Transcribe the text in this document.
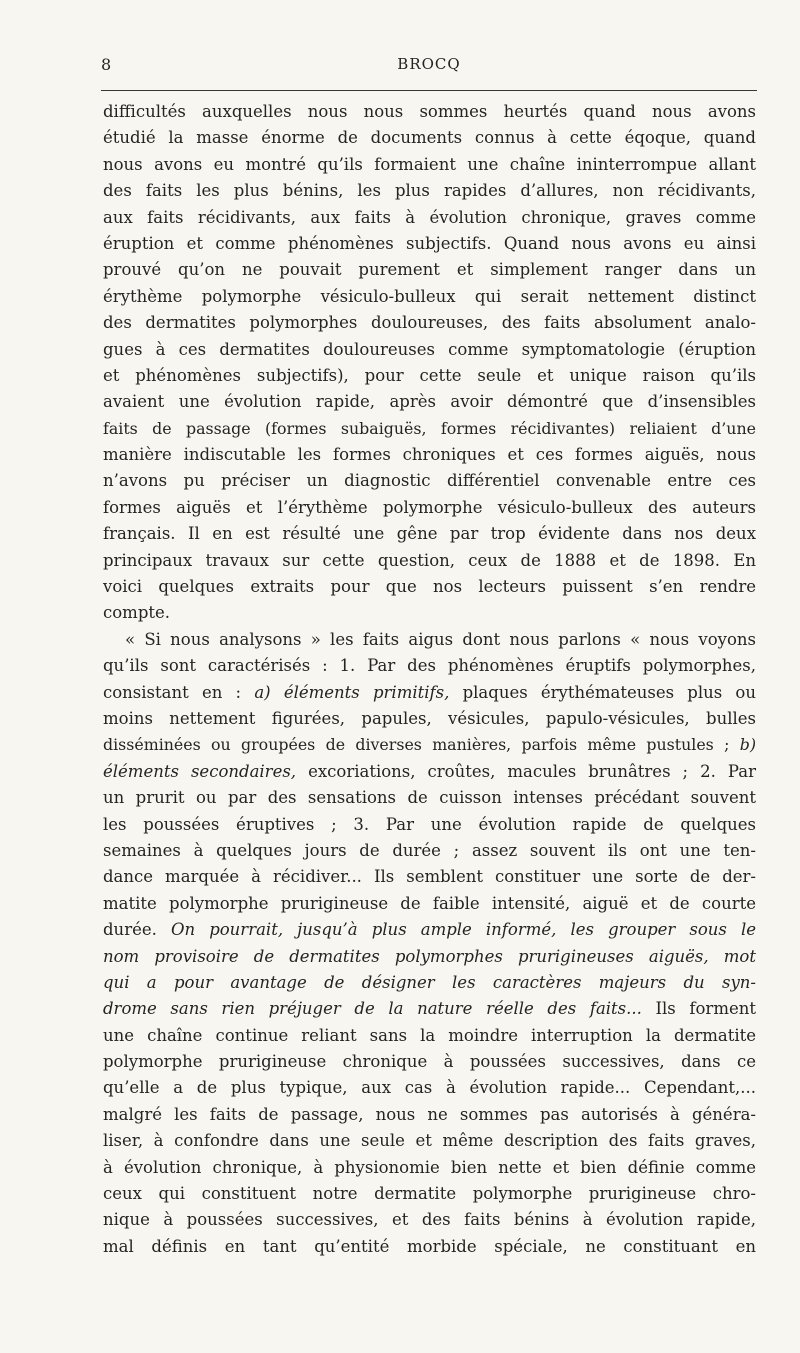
8	BROCQ
difficultés auxquelles nous nous sommes heurtés quand nous avons
étudié la masse énorme de documents connus à cette éqoque, quand
nous avons eu montré qu’ils formaient une chaîne ininterrompue allant
des faits les plus bénins, les plus rapides d’allures, non récidivants,
aux faits récidivants, aux faits à évolution chronique, graves comme
éruption et comme phénomènes subjectifs. Quand nous avons eu ainsi
prouvé qu’on ne pouvait purement et simplement ranger dans un
érythème polymorphe vésiculo-bulleux qui serait nettement distinct
des dermatites polymorphes douloureuses, des faits absolument analo-
gues à ces dermatites douloureuses comme symptomatologie (éruption
et phénomènes subjectifs), pour cette seule et unique raison qu’ils
avaient une évolution rapide, après avoir démontré que d’insensibles
faits de passage (formes subaiguës, formes récidivantes) reliaient d’une
manière indiscutable les formes chroniques et ces formes aiguës, nous
n’avons pu préciser un diagnostic différentiel convenable entre ces
formes aiguës et l’érythème polymorphe vésiculo-bulleux des auteurs
français. Il en est résulté une gêne par trop évidente dans nos deux
principaux travaux sur cette question, ceux de 1888 et de 1898. En
voici quelques extraits pour que nos lecteurs puissent s’en rendre
compte.
« Si nous analysons » les faits aigus dont nous parlons « nous voyons
qu’ils sont caractérisés : 1. Par des phénomènes éruptifs polymorphes,
consistant en : a) éléments primitifs, plaques érythémateuses plus ou
moins nettement figurées, papules, vésicules, papulo-vésicules, bulles
disséminées ou groupées de diverses manières, parfois même pustules ; b)
éléments secondaires, excoriations, croûtes, macules brunâtres ; 2. Par
un prurit ou par des sensations de cuisson intenses précédant souvent
les poussées éruptives ; 3. Par une évolution rapide de quelques
semaines à quelques jours de durée ; assez souvent ils ont une ten-
dance marquée à récidiver... Ils semblent constituer une sorte de der-
matite polymorphe prurigineuse de faible intensité, aiguë et de courte
durée. On pourrait, jusqu’à plus ample informé, les grouper sous le
nom provisoire de dermatites polymorphes prurigineuses aiguës, mot
qui a pour avantage de désigner les caractères majeurs du syn-
drome sans rien préjuger de la nature réelle des faits... Ils forment
une chaîne continue reliant sans la moindre interruption la dermatite
polymorphe prurigineuse chronique à poussées successives, dans ce
qu’elle a de plus typique, aux cas à évolution rapide... Cependant,...
malgré les faits de passage, nous ne sommes pas autorisés à généra-
liser, à confondre dans une seule et même description des faits graves,
à évolution chronique, à physionomie bien nette et bien définie comme
ceux qui constituent notre dermatite polymorphe prurigineuse chro-
nique à poussées successives, et des faits bénins à évolution rapide,
mal définis en tant qu’entité morbide spéciale, ne constituant en
